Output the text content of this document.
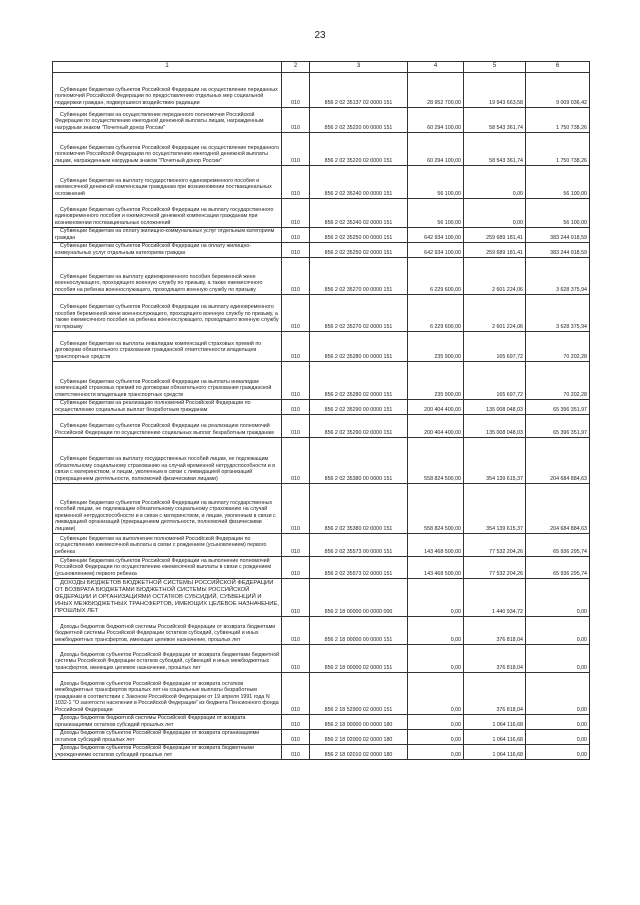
23
1	2	3	4	5	6
Субвенции бюджетам субъектов Российской Федерации на осуществление переданных полномочий Российской Федерации по предоставлению отдельных мер социальной поддержки граждан, подвергшихся воздействию радиации	010	856 2 02 35137 02 0000 151	28 952 700,00	19 943 663,58	9 009 036,42
Субвенции бюджетам на осуществление переданного полномочия Российской Федерации по осуществлению ежегодной денежной выплаты лицам, награжденным нагрудным знаком "Почетный донор России"	010	856 2 02 35220 00 0000 151	60 294 100,00	58 543 361,74	1 750 738,26
Субвенции бюджетам субъектов Российской Федерации на осуществление переданного полномочия Российской Федерации по осуществлению ежегодной денежной выплаты лицам, награжденным нагрудным знаком "Почетный донор России"	010	856 2 02 35220 02 0000 151	60 294 100,00	58 543 361,74	1 750 738,26
Субвенции бюджетам на выплату государственного единовременного пособия и ежемесячной денежной компенсации гражданам при возникновении поствакцинальных осложнений	010	856 2 02 35240 00 0000 151	56 100,00	0,00	56 100,00
Субвенции бюджетам субъектов Российской Федерации на выплату государственного единовременного пособия и ежемесячной денежной компенсации гражданам при возникновении поствакцинальных осложнений	010	856 2 02 35240 02 0000 151	56 100,00	0,00	56 100,00
Субвенции бюджетам на оплату жилищно-коммунальных услуг отдельным категориям граждан	010	856 2 02 35250 00 0000 151	642 934 100,00	259 689 181,41	383 244 918,59
Субвенции бюджетам субъектов Российской Федерации на оплату жилищно-коммунальных услуг отдельным категориям граждан	010	856 2 02 35250 02 0000 151	642 934 100,00	259 689 181,41	383 244 918,59
Субвенции бюджетам на выплату единовременного пособия беременной жене военнослужащего, проходящего военную службу по призыву, а также ежемесячного пособия на ребенка военнослужащего, проходящего военную службу по призыву	010	856 2 02 35270 00 0000 151	6 229 600,00	2 601 224,06	3 628 375,94
Субвенции бюджетам субъектов Российской Федерации на выплату единовременного пособия беременной жене военнослужащего, проходящего военную службу по призыву, а также ежемесячного пособия на ребенка военнослужащего, проходящего военную службу по призыву	010	856 2 02 35270 02 0000 151	6 229 600,00	2 601 224,06	3 628 375,94
Субвенции бюджетам на выплаты инвалидам компенсаций страховых премий по договорам обязательного страхования гражданской ответственности владельцев транспортных средств	010	856 2 02 35280 00 0000 151	235 900,00	165 697,72	70 202,28
Субвенции бюджетам субъектов Российской Федерации на выплаты инвалидам компенсаций страховых премий по договорам обязательного страхования гражданской ответственности владельцев транспортных средств	010	856 2 02 35280 02 0000 151	235 900,00	165 697,72	70 202,28
Субвенции бюджетам на реализацию полномочий Российской Федерации по осуществлению социальных выплат безработным гражданам	010	856 2 02 35290 00 0000 151	200 404 400,00	135 008 048,03	65 396 351,97
Субвенции бюджетам субъектов Российской Федерации на реализацию полномочий Российской Федерации по осуществлению социальных выплат безработным гражданам	010	856 2 02 35290 02 0000 151	200 404 400,00	135 008 048,03	65 396 351,97
Субвенции бюджетам на выплату государственных пособий лицам, не подлежащим обязательному социальному страхованию на случай временной нетрудоспособности и в связи с материнством, и лицам, уволенным в связи с ликвидацией организаций (прекращением деятельности, полномочий физическими лицами)	010	856 2 02 35380 00 0000 151	558 824 500,00	354 139 615,37	204 684 884,63
Субвенции бюджетам субъектов Российской Федерации на выплату государственных пособий лицам, не подлежащим обязательному социальному страхованию на случай временной нетрудоспособности и в связи с материнством, и лицам, уволенным в связи с ликвидацией организаций (прекращением деятельности, полномочий физическими лицами)	010	856 2 02 35380 02 0000 151	558 824 500,00	354 139 615,37	204 684 884,63
Субвенции бюджетам на выполнение полномочий Российской Федерации по осуществлению ежемесячной выплаты в связи с рождением (усыновлением) первого ребенка	010	856 2 02 35573 00 0000 151	143 468 500,00	77 532 204,26	65 936 295,74
Субвенции бюджетам субъектов Российской Федерации на выполнение полномочий Российской Федерации по осуществлению ежемесячной выплаты в связи с рождением (усыновлением) первого ребенка	010	856 2 02 35573 02 0000 151	143 468 500,00	77 532 204,26	65 936 295,74
ДОХОДЫ БЮДЖЕТОВ БЮДЖЕТНОЙ СИСТЕМЫ РОССИЙСКОЙ ФЕДЕРАЦИИ ОТ ВОЗВРАТА БЮДЖЕТАМИ БЮДЖЕТНОЙ СИСТЕМЫ РОССИЙСКОЙ ФЕДЕРАЦИИ И ОРГАНИЗАЦИЯМИ ОСТАТКОВ СУБСИДИЙ, СУБВЕНЦИЙ И ИНЫХ МЕЖБЮДЖЕТНЫХ ТРАНСФЕРТОВ, ИМЕЮЩИХ ЦЕЛЕВОЕ НАЗНАЧЕНИЕ, ПРОШЛЫХ ЛЕТ	010	856 2 18 00000 00 0000 000	0,00	1 440 934,72	0,00
Доходы бюджетов бюджетной системы Российской Федерации от возврата бюджетами бюджетной системы Российской Федерации остатков субсидий, субвенций и иных межбюджетных трансфертов, имеющих целевое назначение, прошлых лет	010	856 2 18 00000 00 0000 151	0,00	376 818,04	0,00
Доходы бюджетов субъектов Российской Федерации от возврата бюджетами бюджетной системы Российской Федерации остатков субсидий, субвенций и иных межбюджетных трансфертов, имеющих целевое назначение, прошлых лет	010	856 2 18 00000 02 0000 151	0,00	376 818,04	0,00
Доходы бюджетов субъектов Российской Федерации от возврата остатков межбюджетных трансфертов прошлых лет на социальные выплаты безработным гражданам в соответствии с Законом Российской Федерации от 19 апреля 1991 года N 1032-1 "О занятости населения в Российской Федерации" из бюджета Пенсионного фонда Российской Федерации	010	856 2 18 52900 02 0000 151	0,00	376 818,04	0,00
Доходы бюджетов бюджетной системы Российской Федерации от возврата организациями остатков субсидий прошлых лет	010	856 2 18 00000 00 0000 180	0,00	1 064 116,68	0,00
Доходы бюджетов субъектов Российской Федерации от возврата организациями остатков субсидий прошлых лет	010	856 2 18 02000 02 0000 180	0,00	1 064 116,68	0,00
Доходы бюджетов субъектов Российской Федерации от возврата бюджетными учреждениями остатков субсидий прошлых лет	010	856 2 18 02010 02 0000 180	0,00	1 064 116,68	0,00
